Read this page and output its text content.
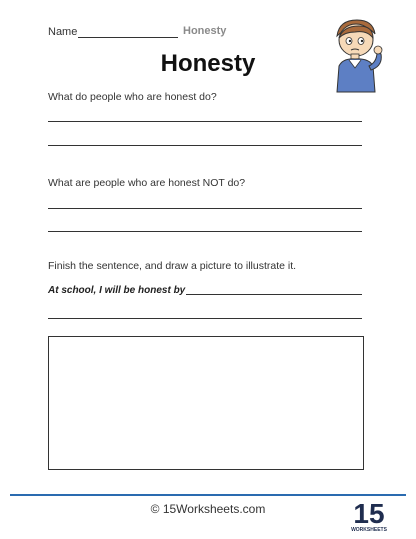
Name	Honesty
Honesty
What do people who are honest do?
What are people who are honest NOT do?
Finish the sentence, and draw a picture to illustrate it.
At school, I will be honest by
© 15Worksheets.com	15
WORKSHEETS
